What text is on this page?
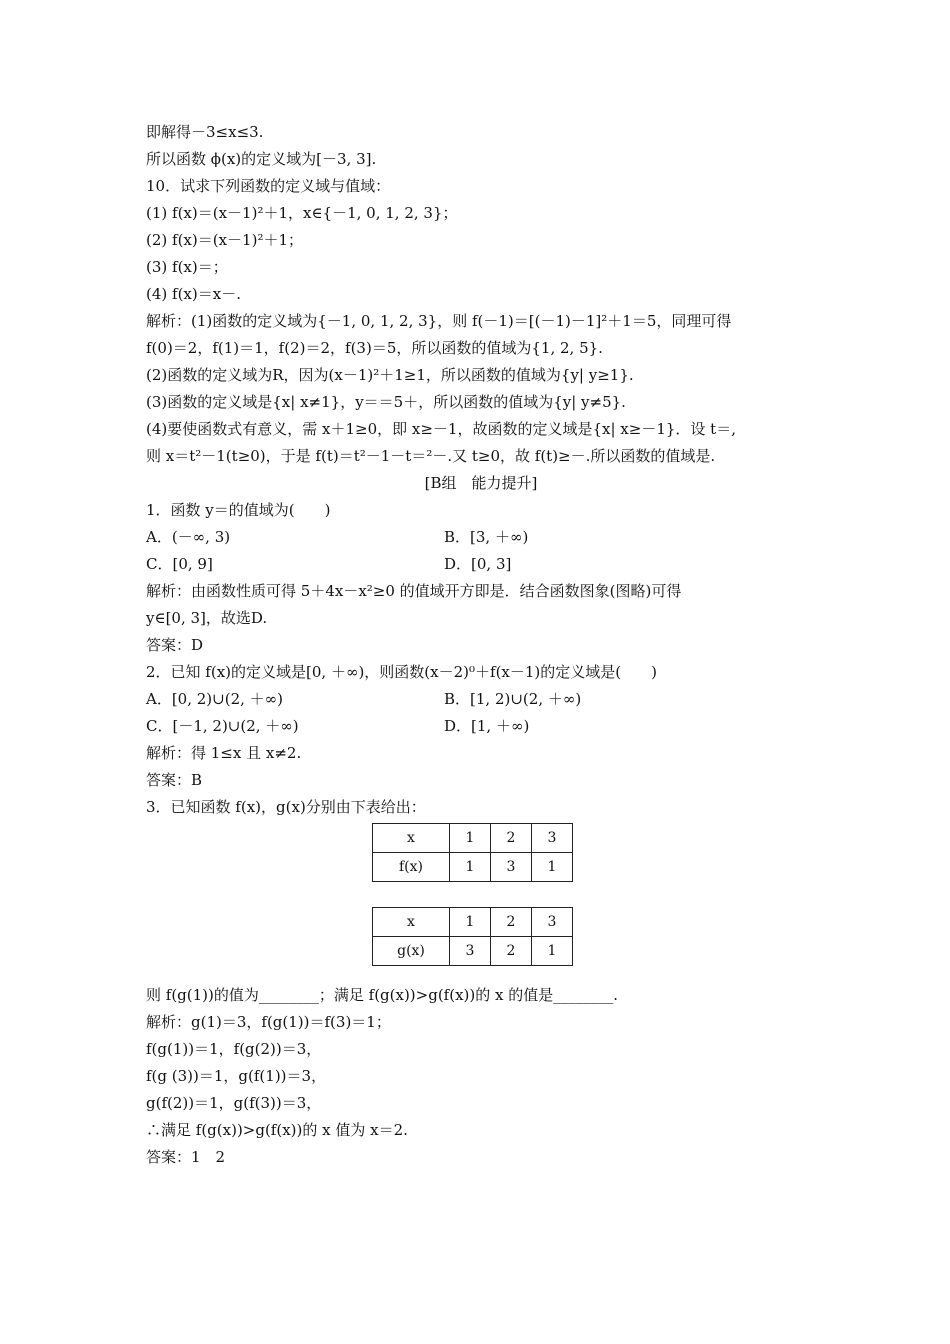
即解得－3≤x≤3.
所以函数 ϕ(x)的定义域为[－3, 3].
10．试求下列函数的定义域与值域：
(1) f(x)＝(x－1)²＋1，x∈{－1, 0, 1, 2, 3}；
(2) f(x)＝(x－1)²＋1；
(3) f(x)＝；
(4) f(x)＝x－.
解析：(1)函数的定义域为{－1, 0, 1, 2, 3}，则 f(－1)＝[(－1)－1]²＋1＝5，同理可得
f(0)＝2，f(1)＝1，f(2)＝2，f(3)＝5，所以函数的值域为{1, 2, 5}.
(2)函数的定义域为R，因为(x－1)²＋1≥1，所以函数的值域为{y| y≥1}.
(3)函数的定义域是{x| x≠1}，y＝＝5＋，所以函数的值域为{y| y≠5}.
(4)要使函数式有意义，需 x＋1≥0，即 x≥－1，故函数的定义域是{x| x≥－1}．设 t＝,
则 x＝t²－1(t≥0)，于是 f(t)＝t²－1－t＝²－.又 t≥0，故 f(t)≥－.所以函数的值域是.
[B组　能力提升]
1．函数 y＝的值域为(　　)
A．(－∞, 3)	B．[3, ＋∞)
C．[0, 9]	D．[0, 3]
解析：由函数性质可得 5＋4x－x²≥0 的值域开方即是．结合函数图象(图略)可得
y∈[0, 3]，故选D.
答案：D
2．已知 f(x)的定义域是[0, ＋∞)，则函数(x－2)⁰＋f(x－1)的定义域是(　　)
A．[0, 2)∪(2, ＋∞)	B．[1, 2)∪(2, ＋∞)
C．[－1, 2)∪(2, ＋∞)	D．[1, ＋∞)
解析：得 1≤x 且 x≠2.
答案：B
3．已知函数 f(x)，g(x)分别由下表给出：
x	1	2	3
f(x)	1	3	1
x	1	2	3
g(x)	3	2	1
则 f(g(1))的值为________；满足 f(g(x))>g(f(x))的 x 的值是________.
解析：g(1)＝3，f(g(1))＝f(3)＝1；
f(g(1))＝1，f(g(2))＝3，
f(g (3))＝1，g(f(1))＝3，
g(f(2))＝1，g(f(3))＝3，
∴满足 f(g(x))>g(f(x))的 x 值为 x＝2.
答案：1　2
